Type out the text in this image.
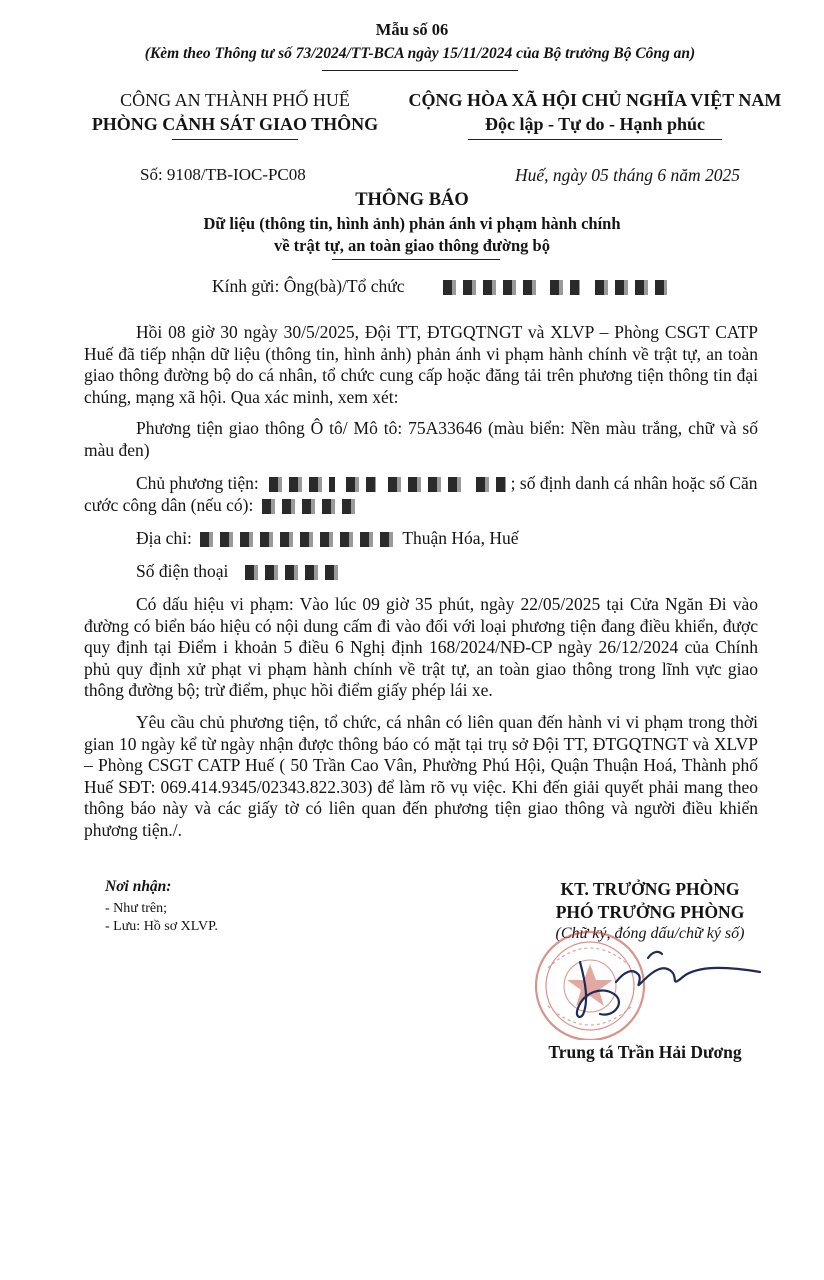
Mẫu số 06
(Kèm theo Thông tư số 73/2024/TT-BCA ngày 15/11/2024 của Bộ trưởng Bộ Công an)
CÔNG AN THÀNH PHỐ HUẾ
PHÒNG CẢNH SÁT GIAO THÔNG
CỘNG HÒA XÃ HỘI CHỦ NGHĨA VIỆT NAM
Độc lập - Tự do - Hạnh phúc
Số: 9108/TB-IOC-PC08	Huế, ngày 05 tháng 6 năm 2025
THÔNG BÁO
Dữ liệu (thông tin, hình ảnh) phản ánh vi phạm hành chính
về trật tự, an toàn giao thông đường bộ
Kính gửi: Ông(bà)/Tổ chức
Hồi 08 giờ 30 ngày 30/5/2025, Đội TT, ĐTGQTNGT và XLVP – Phòng CSGT CATP Huế đã tiếp nhận dữ liệu (thông tin, hình ảnh) phản ánh vi phạm hành chính về trật tự, an toàn giao thông đường bộ do cá nhân, tổ chức cung cấp hoặc đăng tải trên phương tiện thông tin đại chúng, mạng xã hội. Qua xác minh, xem xét:
Phương tiện giao thông Ô tô/ Mô tô: 75A33646 (màu biển: Nền màu trắng, chữ và số màu đen)
Chủ phương tiện:	; số định danh cá nhân hoặc số Căn
cước công dân (nếu có):
Địa chỉ:	Thuận Hóa, Huế
Số điện thoại
Có dấu hiệu vi phạm: Vào lúc 09 giờ 35 phút, ngày 22/05/2025 tại Cửa Ngăn Đi vào đường có biển báo hiệu có nội dung cấm đi vào đối với loại phương tiện đang điều khiển, được quy định tại Điểm i khoản 5 điều 6 Nghị định 168/2024/NĐ-CP ngày 26/12/2024 của Chính phủ quy định xử phạt vi phạm hành chính về trật tự, an toàn giao thông trong lĩnh vực giao thông đường bộ; trừ điểm, phục hồi điểm giấy phép lái xe.
Yêu cầu chủ phương tiện, tổ chức, cá nhân có liên quan đến hành vi vi phạm trong thời gian 10 ngày kể từ ngày nhận được thông báo có mặt tại trụ sở Đội TT, ĐTGQTNGT và XLVP – Phòng CSGT CATP Huế ( 50 Trần Cao Vân, Phường Phú Hội, Quận Thuận Hoá, Thành phố Huế SĐT: 069.414.9345/02343.822.303) để làm rõ vụ việc. Khi đến giải quyết phải mang theo thông báo này và các giấy tờ có liên quan đến phương tiện giao thông và người điều khiển phương tiện./.
Nơi nhận:
- Như trên;
- Lưu: Hồ sơ XLVP.
KT. TRƯỞNG PHÒNG
PHÓ TRƯỞNG PHÒNG
(Chữ ký, đóng dấu/chữ ký số)
Trung tá Trần Hải Dương
